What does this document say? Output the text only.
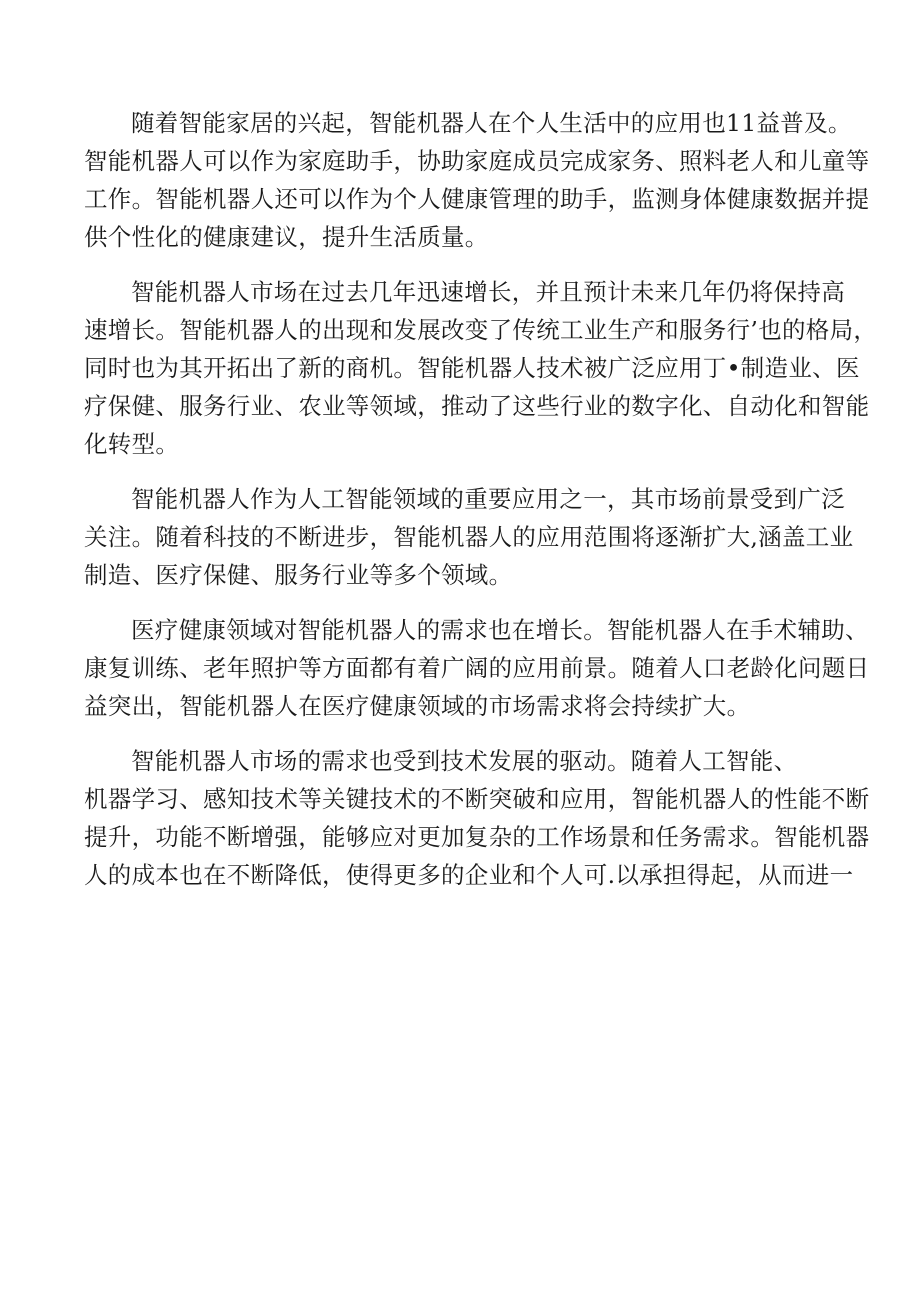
随着智能家居的兴起，智能机器人在个人生活中的应用也11益普及。
智能机器人可以作为家庭助手，协助家庭成员完成家务、照料老人和儿童等
工作。智能机器人还可以作为个人健康管理的助手，监测身体健康数据并提
供个性化的健康建议，提升生活质量。

智能机器人市场在过去几年迅速增长，并且预计未来几年仍将保持高
速增长。智能机器人的出现和发展改变了传统工业生产和服务行’也的格局，
同时也为其开拓出了新的商机。智能机器人技术被广泛应用丁•制造业、医
疗保健、服务行业、农业等领域，推动了这些行业的数字化、自动化和智能
化转型。

智能机器人作为人工智能领域的重要应用之一，其市场前景受到广泛
关注。随着科技的不断进步，智能机器人的应用范围将逐渐扩大,涵盖工业
制造、医疗保健、服务行业等多个领域。

医疗健康领域对智能机器人的需求也在增长。智能机器人在手术辅助、
康复训练、老年照护等方面都有着广阔的应用前景。随着人口老龄化问题日
益突出，智能机器人在医疗健康领域的市场需求将会持续扩大。

智能机器人市场的需求也受到技术发展的驱动。随着人工智能、
机器学习、感知技术等关键技术的不断突破和应用，智能机器人的性能不断
提升，功能不断增强，能够应对更加复杂的工作场景和任务需求。智能机器
人的成本也在不断降低，使得更多的企业和个人可.以承担得起，从而进一
